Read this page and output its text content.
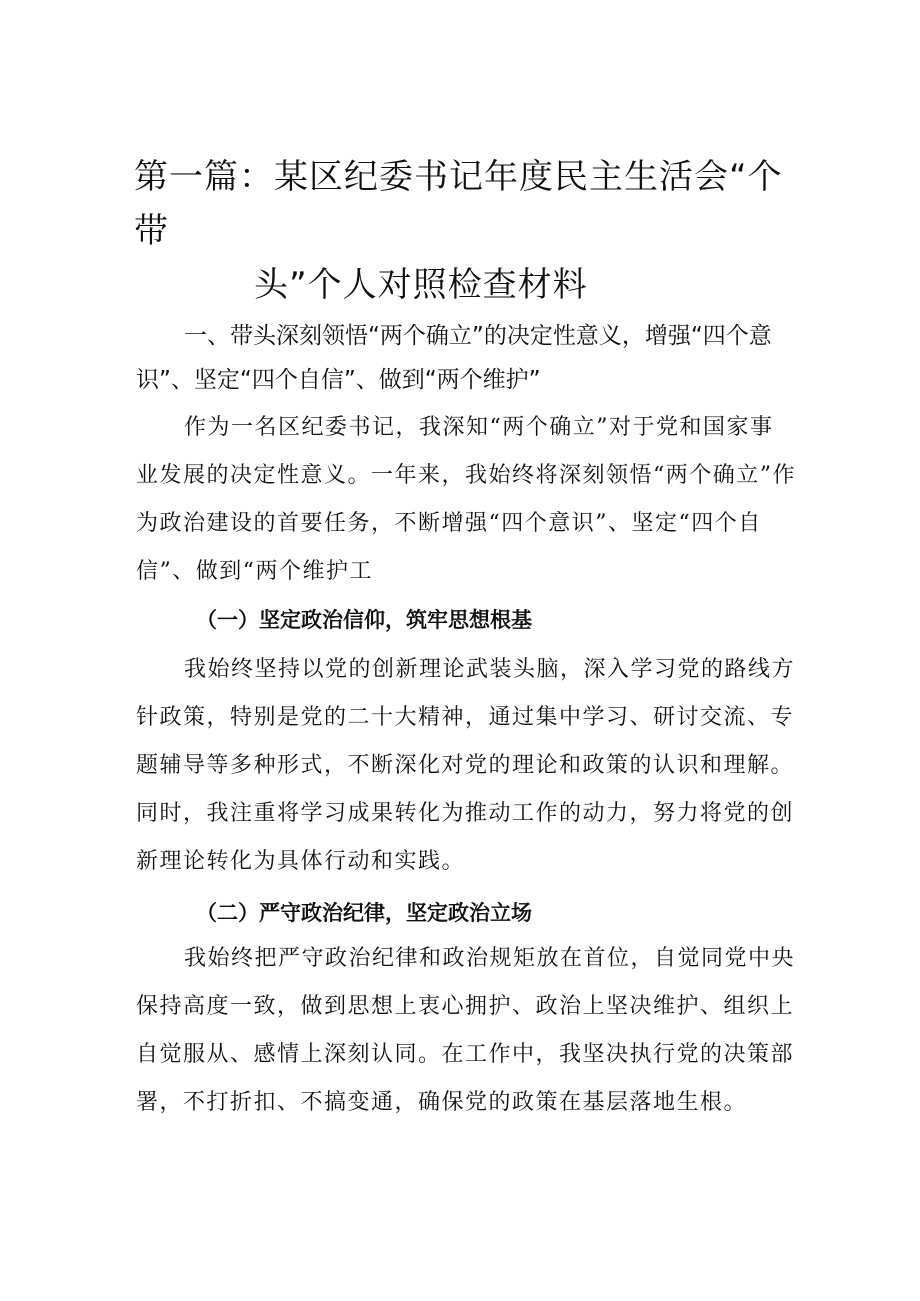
第一篇：某区纪委书记年度民主生活会“个带
头”个人对照检查材料

一、带头深刻领悟“两个确立”的决定性意义，增强“四个意识”、坚定“四个自信”、做到“两个维护”

作为一名区纪委书记，我深知“两个确立”对于党和国家事业发展的决定性意义。一年来，我始终将深刻领悟“两个确立”作为政治建设的首要任务，不断增强“四个意识”、坚定“四个自信”、做到“两个维护工

（一）坚定政治信仰，筑牢思想根基

我始终坚持以党的创新理论武装头脑，深入学习党的路线方针政策，特别是党的二十大精神，通过集中学习、研讨交流、专题辅导等多种形式，不断深化对党的理论和政策的认识和理解。同时，我注重将学习成果转化为推动工作的动力，努力将党的创新理论转化为具体行动和实践。

（二）严守政治纪律，坚定政治立场

我始终把严守政治纪律和政治规矩放在首位，自觉同党中央保持高度一致，做到思想上衷心拥护、政治上坚决维护、组织上自觉服从、感情上深刻认同。在工作中，我坚决执行党的决策部署，不打折扣、不搞变通，确保党的政策在基层落地生根。
